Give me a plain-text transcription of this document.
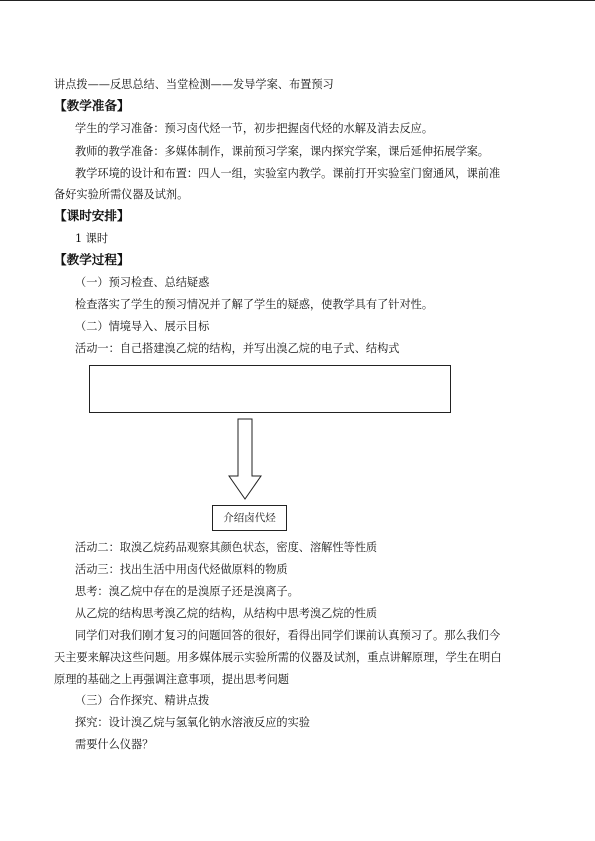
讲点拨——反思总结、当堂检测——发导学案、布置预习
【教学准备】
学生的学习准备：预习卤代烃一节，初步把握卤代烃的水解及消去反应。
教师的教学准备：多媒体制作，课前预习学案，课内探究学案，课后延伸拓展学案。
教学环境的设计和布置：四人一组，实验室内教学。课前打开实验室门窗通风，课前准
备好实验所需仪器及试剂。
【课时安排】
1 课时
【教学过程】
（一）预习检查、总结疑惑
检查落实了学生的预习情况并了解了学生的疑惑，使教学具有了针对性。
（二）情境导入、展示目标
活动一：自己搭建溴乙烷的结构，并写出溴乙烷的电子式、结构式
介绍卤代烃
活动二：取溴乙烷药品观察其颜色状态，密度、溶解性等性质
活动三：找出生活中用卤代烃做原料的物质
思考：溴乙烷中存在的是溴原子还是溴离子。
从乙烷的结构思考溴乙烷的结构，从结构中思考溴乙烷的性质
同学们对我们刚才复习的问题回答的很好，看得出同学们课前认真预习了。那么我们今
天主要来解决这些问题。用多媒体展示实验所需的仪器及试剂，重点讲解原理，学生在明白
原理的基础之上再强调注意事项，提出思考问题
（三）合作探究、精讲点拨
探究：设计溴乙烷与氢氧化钠水溶液反应的实验
需要什么仪器？
